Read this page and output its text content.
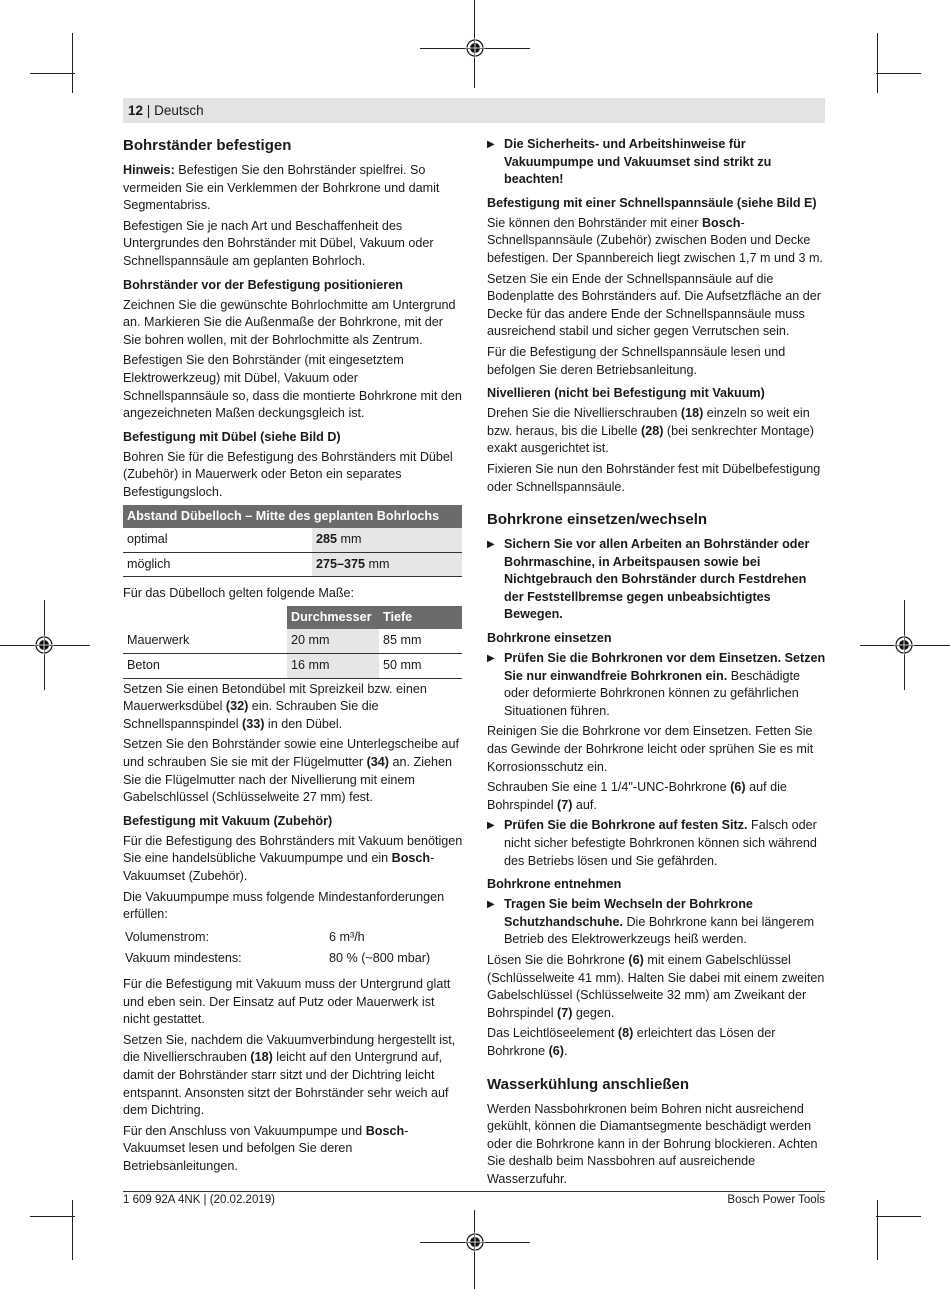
12 | Deutsch
Bohrständer befestigen

Hinweis: Befestigen Sie den Bohrständer spielfrei. So vermeiden Sie ein Verklemmen der Bohrkrone und damit Segmentabriss.

Befestigen Sie je nach Art und Beschaffenheit des Untergrundes den Bohrständer mit Dübel, Vakuum oder Schnellspannsäule am geplanten Bohrloch.

Bohrständer vor der Befestigung positionieren

Zeichnen Sie die gewünschte Bohrlochmitte am Untergrund an. Markieren Sie die Außenmaße der Bohrkrone, mit der Sie bohren wollen, mit der Bohrlochmitte als Zentrum.

Befestigen Sie den Bohrständer (mit eingesetztem Elektrowerkzeug) mit Dübel, Vakuum oder Schnellspannsäule so, dass die montierte Bohrkrone mit den angezeichneten Maßen deckungsgleich ist.

Befestigung mit Dübel (siehe Bild D)

Bohren Sie für die Befestigung des Bohrständers mit Dübel (Zubehör) in Mauerwerk oder Beton ein separates Befestigungsloch.

Abstand Dübelloch – Mitte des geplanten Bohrlochs	
optimal	285 mm
möglich	275–375 mm

Für das Dübelloch gelten folgende Maße:

	Durchmesser	Tiefe
Mauerwerk	20 mm	85 mm
Beton	16 mm	50 mm

Setzen Sie einen Betondübel mit Spreizkeil bzw. einen Mauerwerksdübel (32) ein. Schrauben Sie die Schnellspannspindel (33) in den Dübel.

Setzen Sie den Bohrständer sowie eine Unterlegscheibe auf und schrauben Sie sie mit der Flügelmutter (34) an. Ziehen Sie die Flügelmutter nach der Nivellierung mit einem Gabelschlüssel (Schlüsselweite 27 mm) fest.

Befestigung mit Vakuum (Zubehör)

Für die Befestigung des Bohrständers mit Vakuum benötigen Sie eine handelsübliche Vakuumpumpe und ein Bosch-Vakuumset (Zubehör).

Die Vakuumpumpe muss folgende Mindestanforderungen erfüllen:

Volumenstrom:	6 m³/h
Vakuum mindestens:	80 % (~800 mbar)

Für die Befestigung mit Vakuum muss der Untergrund glatt und eben sein. Der Einsatz auf Putz oder Mauerwerk ist nicht gestattet.

Setzen Sie, nachdem die Vakuumverbindung hergestellt ist, die Nivellierschrauben (18) leicht auf den Untergrund auf, damit der Bohrständer starr sitzt und der Dichtring leicht entspannt. Ansonsten sitzt der Bohrständer sehr weich auf dem Dichtring.

Für den Anschluss von Vakuumpumpe und Bosch-Vakuumset lesen und befolgen Sie deren Betriebsanleitungen.

▶ Die Sicherheits- und Arbeitshinweise für Vakuumpumpe und Vakuumset sind strikt zu beachten!
Befestigung mit einer Schnellspannsäule (siehe Bild E)

Sie können den Bohrständer mit einer Bosch-Schnellspannsäule (Zubehör) zwischen Boden und Decke befestigen. Der Spannbereich liegt zwischen 1,7 m und 3 m.

Setzen Sie ein Ende der Schnellspannsäule auf die Bodenplatte des Bohrständers auf. Die Aufsetzfläche an der Decke für das andere Ende der Schnellspannsäule muss ausreichend stabil und sicher gegen Verrutschen sein.

Für die Befestigung der Schnellspannsäule lesen und befolgen Sie deren Betriebsanleitung.

Nivellieren (nicht bei Befestigung mit Vakuum)

Drehen Sie die Nivellierschrauben (18) einzeln so weit ein bzw. heraus, bis die Libelle (28) (bei senkrechter Montage) exakt ausgerichtet ist.

Fixieren Sie nun den Bohrständer fest mit Dübelbefestigung oder Schnellspannsäule.

Bohrkrone einsetzen/wechseln
▶ Sichern Sie vor allen Arbeiten an Bohrständer oder Bohrmaschine, in Arbeitspausen sowie bei Nichtgebrauch den Bohrständer durch Festdrehen der Feststellbremse gegen unbeabsichtigtes Bewegen.
Bohrkrone einsetzen
▶ Prüfen Sie die Bohrkronen vor dem Einsetzen. Setzen Sie nur einwandfreie Bohrkronen ein. Beschädigte oder deformierte Bohrkronen können zu gefährlichen Situationen führen.

Reinigen Sie die Bohrkrone vor dem Einsetzen. Fetten Sie das Gewinde der Bohrkrone leicht oder sprühen Sie es mit Korrosionsschutz ein.

Schrauben Sie eine 1 1/4"-UNC-Bohrkrone (6) auf die Bohrspindel (7) auf.

▶ Prüfen Sie die Bohrkrone auf festen Sitz. Falsch oder nicht sicher befestigte Bohrkronen können sich während des Betriebs lösen und Sie gefährden.
Bohrkrone entnehmen
▶ Tragen Sie beim Wechseln der Bohrkrone Schutzhandschuhe. Die Bohrkrone kann bei längerem Betrieb des Elektrowerkzeugs heiß werden.

Lösen Sie die Bohrkrone (6) mit einem Gabelschlüssel (Schlüsselweite 41 mm). Halten Sie dabei mit einem zweiten Gabelschlüssel (Schlüsselweite 32 mm) am Zweikant der Bohrspindel (7) gegen.

Das Leichtlöseelement (8) erleichtert das Lösen der Bohrkrone (6).

Wasserkühlung anschließen

Werden Nassbohrkronen beim Bohren nicht ausreichend gekühlt, können die Diamantsegmente beschädigt werden oder die Bohrkrone kann in der Bohrung blockieren. Achten Sie deshalb beim Nassbohren auf ausreichende Wasserzufuhr.

1 609 92A 4NK | (20.02.2019)	Bosch Power Tools
